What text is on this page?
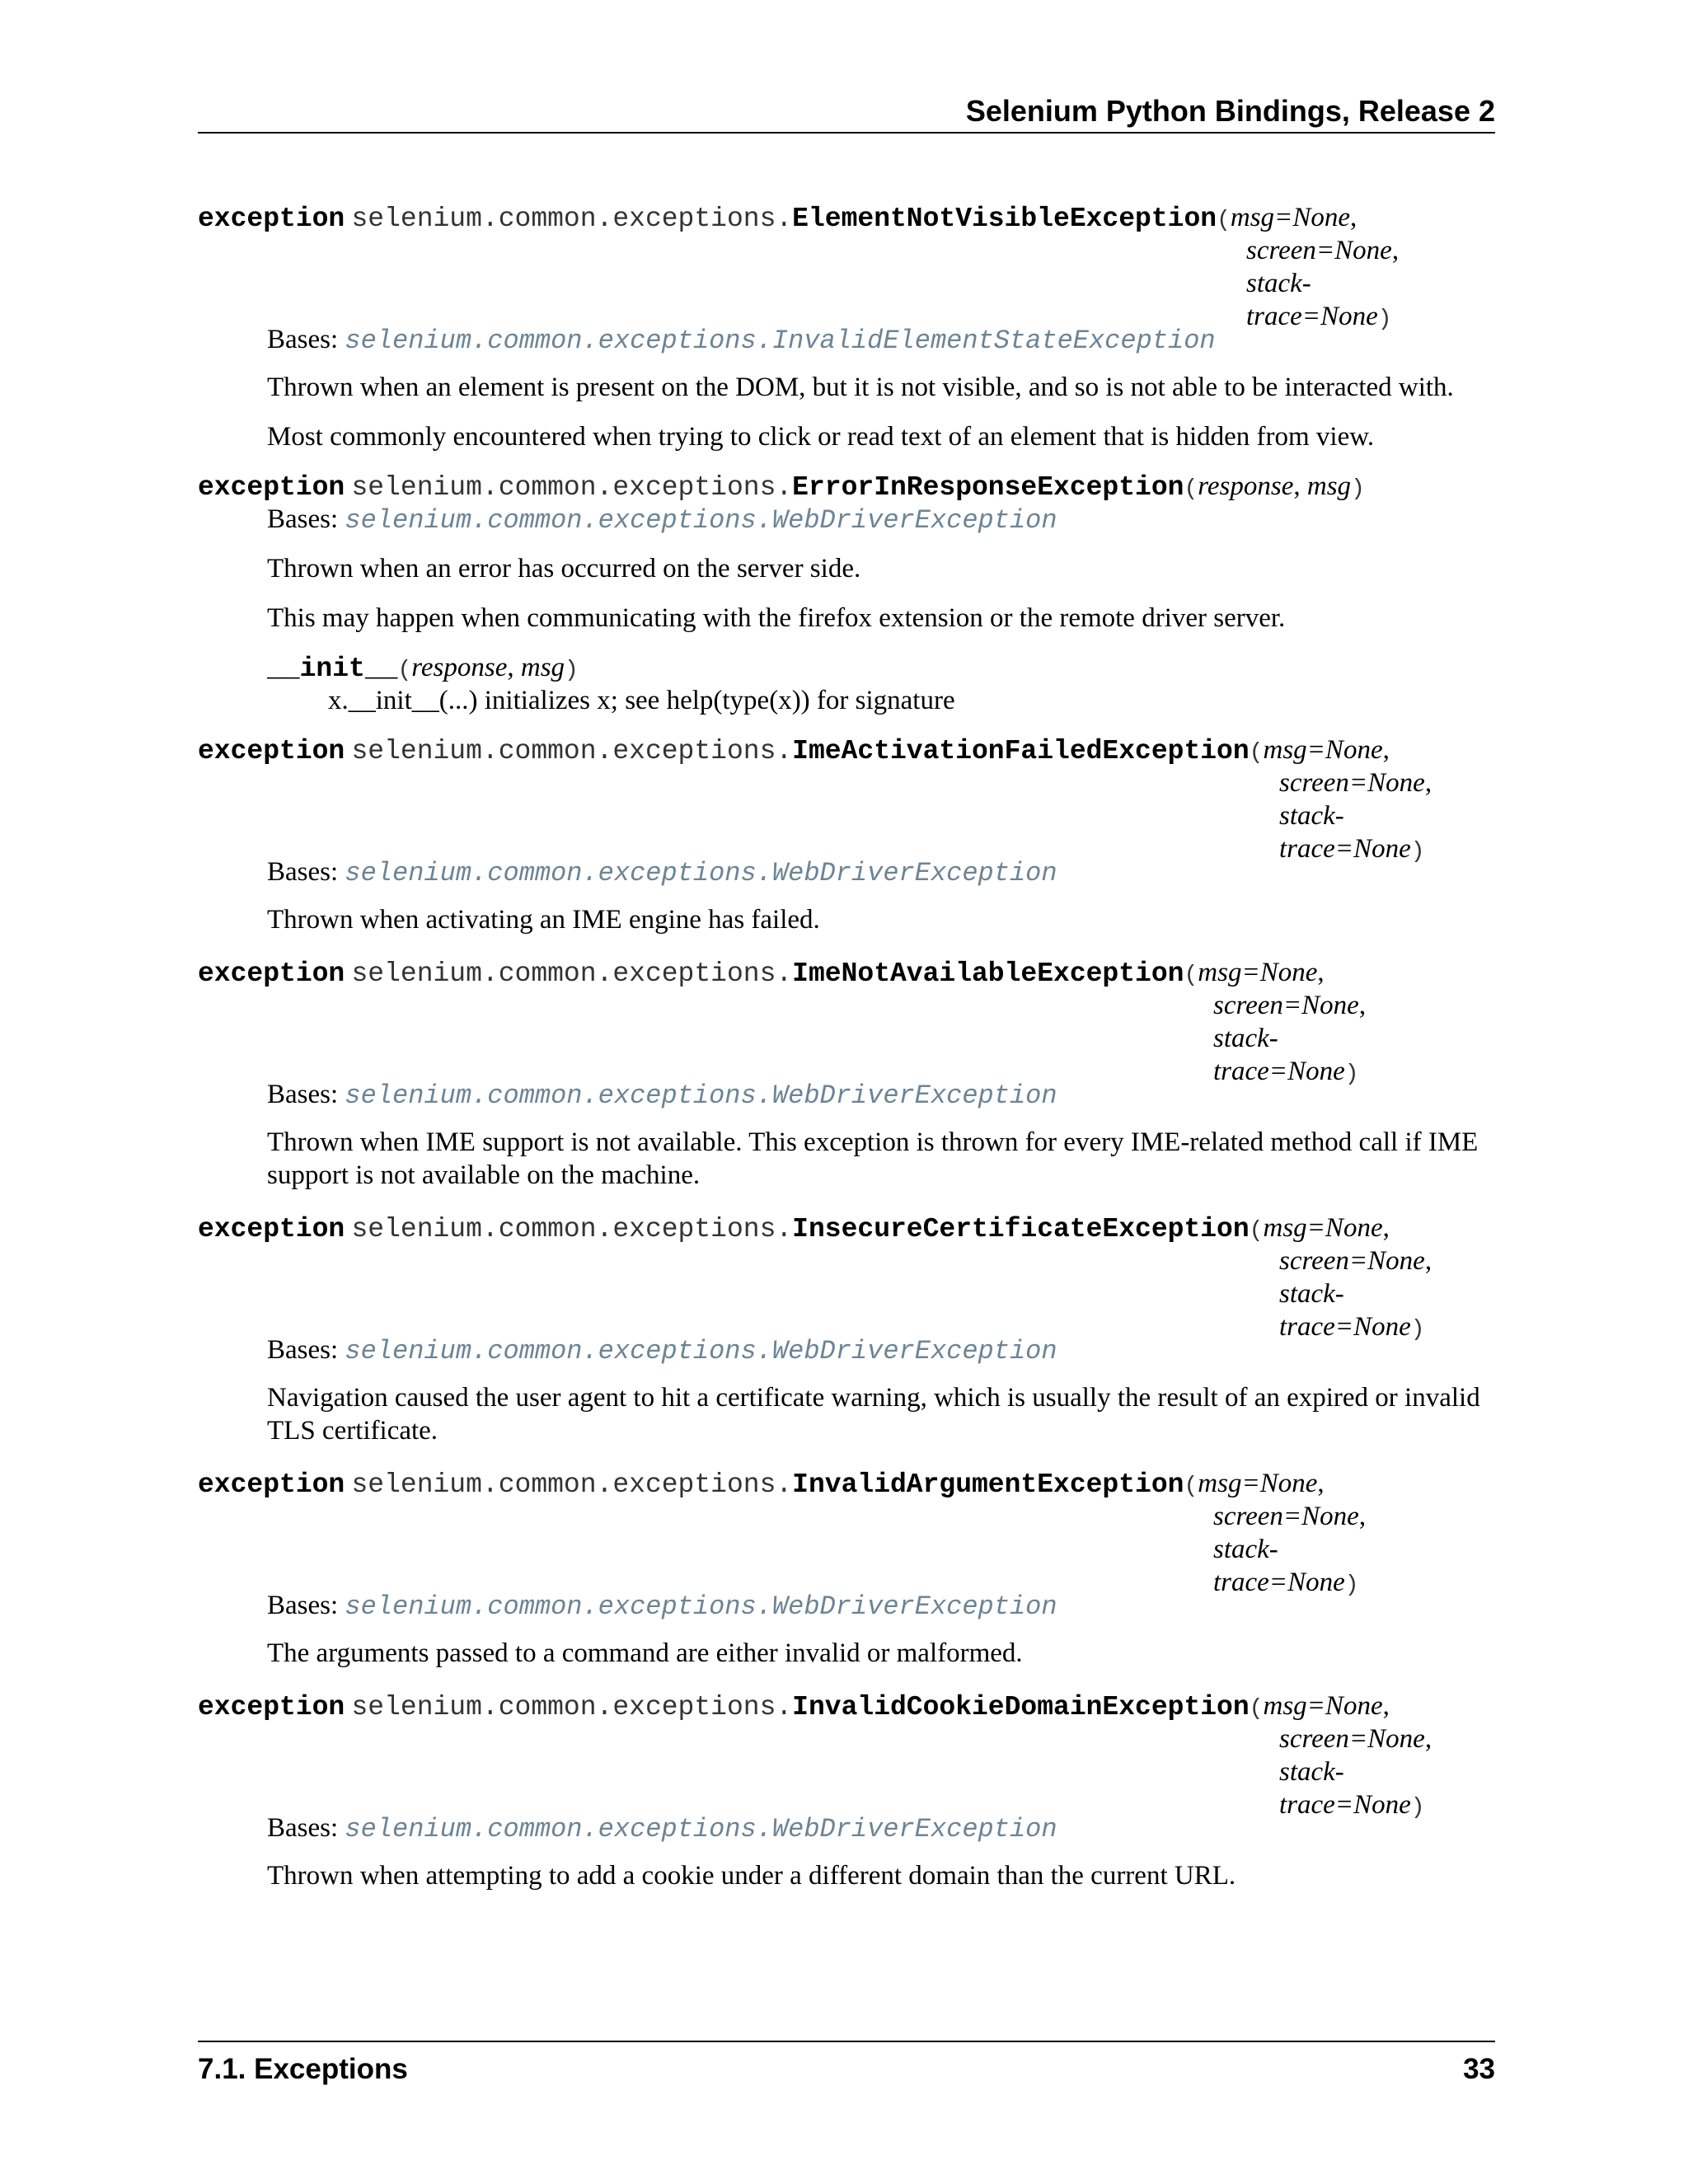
Selenium Python Bindings, Release 2
exception selenium.common.exceptions.ElementNotVisibleException(msg=None,
screen=None,
stack-
trace=None)
Bases: selenium.common.exceptions.InvalidElementStateException
Thrown when an element is present on the DOM, but it is not visible, and so is not able to be interacted with.
Most commonly encountered when trying to click or read text of an element that is hidden from view.
exception selenium.common.exceptions.ErrorInResponseException(response, msg)
Bases: selenium.common.exceptions.WebDriverException
Thrown when an error has occurred on the server side.
This may happen when communicating with the firefox extension or the remote driver server.
__init__(response, msg)
x.__init__(...) initializes x; see help(type(x)) for signature
exception selenium.common.exceptions.ImeActivationFailedException(msg=None,
screen=None,
stack-
trace=None)
Bases: selenium.common.exceptions.WebDriverException
Thrown when activating an IME engine has failed.
exception selenium.common.exceptions.ImeNotAvailableException(msg=None,
screen=None,
stack-
trace=None)
Bases: selenium.common.exceptions.WebDriverException
Thrown when IME support is not available. This exception is thrown for every IME-related method call if IME support is not available on the machine.
exception selenium.common.exceptions.InsecureCertificateException(msg=None,
screen=None,
stack-
trace=None)
Bases: selenium.common.exceptions.WebDriverException
Navigation caused the user agent to hit a certificate warning, which is usually the result of an expired or invalid TLS certificate.
exception selenium.common.exceptions.InvalidArgumentException(msg=None,
screen=None,
stack-
trace=None)
Bases: selenium.common.exceptions.WebDriverException
The arguments passed to a command are either invalid or malformed.
exception selenium.common.exceptions.InvalidCookieDomainException(msg=None,
screen=None,
stack-
trace=None)
Bases: selenium.common.exceptions.WebDriverException
Thrown when attempting to add a cookie under a different domain than the current URL.
7.1. Exceptions	33
